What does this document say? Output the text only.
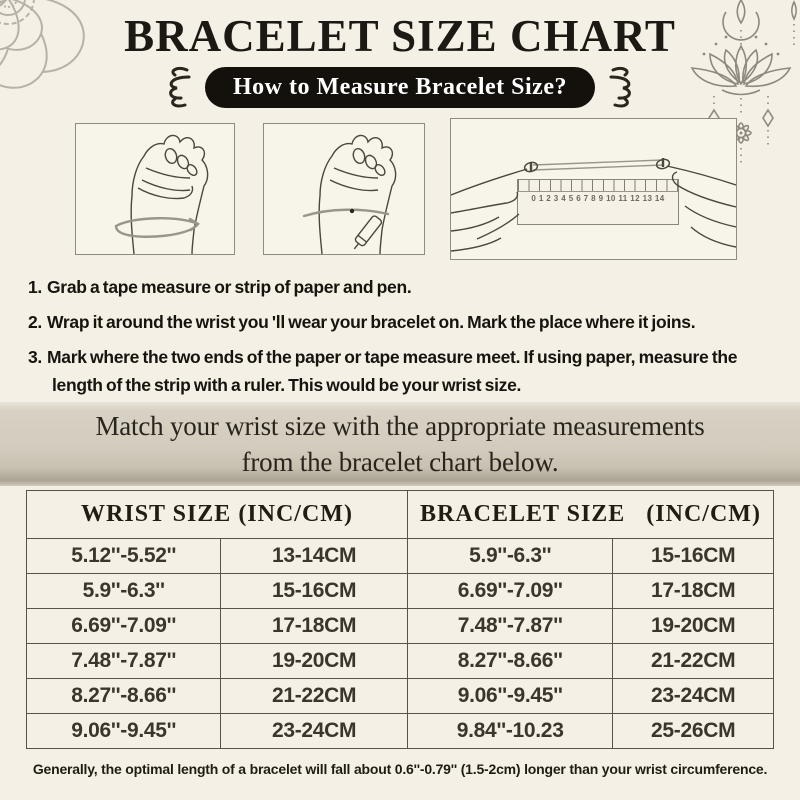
BRACELET SIZE CHART
How to Measure Bracelet Size?
0 1 2 3 4 5 6 7 8 9 10 11 12 13 14

1. Grab a tape measure or strip of paper and pen.

2. Wrap it around the wrist you 'll wear your bracelet on. Mark the place where it joins.

3. Mark where the two ends of the paper or tape measure meet. If using paper, measure the length of the strip with a ruler. This would be your wrist size.

Match your wrist size with the appropriate measurements
from the bracelet chart below.
WRIST SIZE (INC/CM)		BRACELET SIZE   (INC/CM)	
5.12''-5.52''	13-14CM	5.9''-6.3''	15-16CM
5.9''-6.3''	15-16CM	6.69''-7.09''	17-18CM
6.69''-7.09''	17-18CM	7.48''-7.87''	19-20CM
7.48''-7.87''	19-20CM	8.27''-8.66''	21-22CM
8.27''-8.66''	21-22CM	9.06''-9.45''	23-24CM
9.06''-9.45''	23-24CM	9.84''-10.23	25-26CM
Generally, the optimal length of a bracelet will fall about 0.6''-0.79'' (1.5-2cm) longer than your wrist circumference.
